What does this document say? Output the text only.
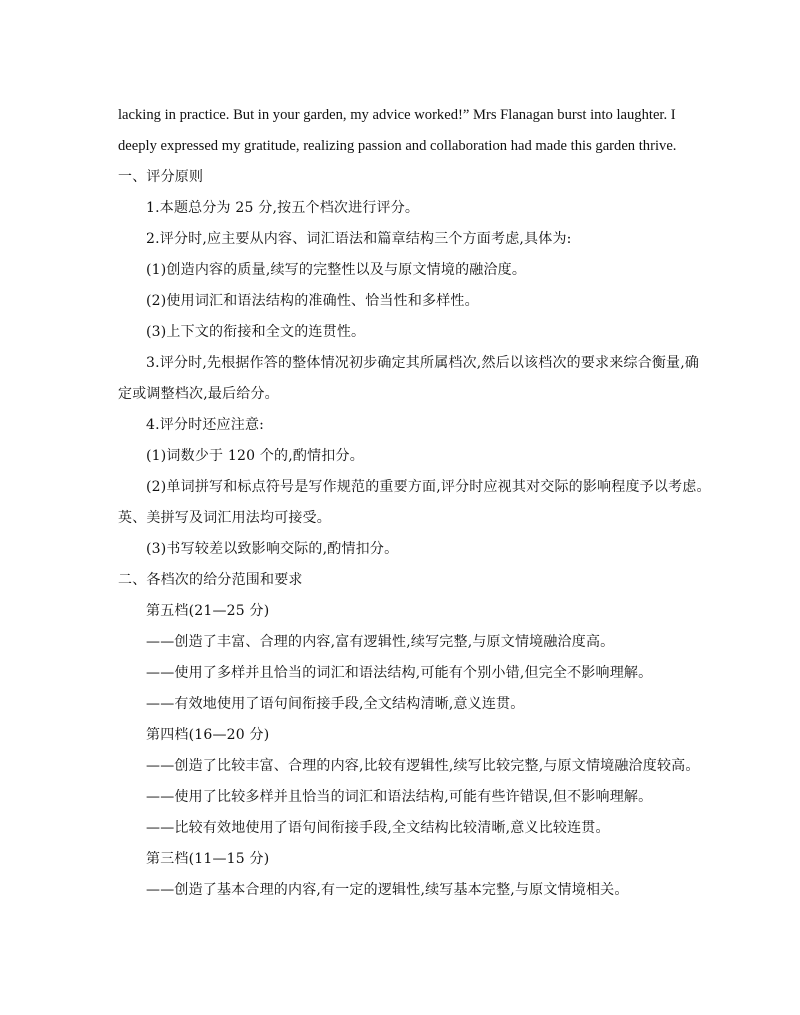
lacking in practice. But in your garden, my advice worked!” Mrs Flanagan burst into laughter. I
deeply expressed my gratitude, realizing passion and collaboration had made this garden thrive.
一、评分原则
1.本题总分为 25 分,按五个档次进行评分。
2.评分时,应主要从内容、词汇语法和篇章结构三个方面考虑,具体为:
(1)创造内容的质量,续写的完整性以及与原文情境的融洽度。
(2)使用词汇和语法结构的准确性、恰当性和多样性。
(3)上下文的衔接和全文的连贯性。
3.评分时,先根据作答的整体情况初步确定其所属档次,然后以该档次的要求来综合衡量,确
定或调整档次,最后给分。
4.评分时还应注意:
(1)词数少于 120 个的,酌情扣分。
(2)单词拼写和标点符号是写作规范的重要方面,评分时应视其对交际的影响程度予以考虑。
英、美拼写及词汇用法均可接受。
(3)书写较差以致影响交际的,酌情扣分。
二、各档次的给分范围和要求
第五档(21—25 分)
——创造了丰富、合理的内容,富有逻辑性,续写完整,与原文情境融洽度高。
——使用了多样并且恰当的词汇和语法结构,可能有个别小错,但完全不影响理解。
——有效地使用了语句间衔接手段,全文结构清晰,意义连贯。
第四档(16—20 分)
——创造了比较丰富、合理的内容,比较有逻辑性,续写比较完整,与原文情境融洽度较高。
——使用了比较多样并且恰当的词汇和语法结构,可能有些许错误,但不影响理解。
——比较有效地使用了语句间衔接手段,全文结构比较清晰,意义比较连贯。
第三档(11—15 分)
——创造了基本合理的内容,有一定的逻辑性,续写基本完整,与原文情境相关。
